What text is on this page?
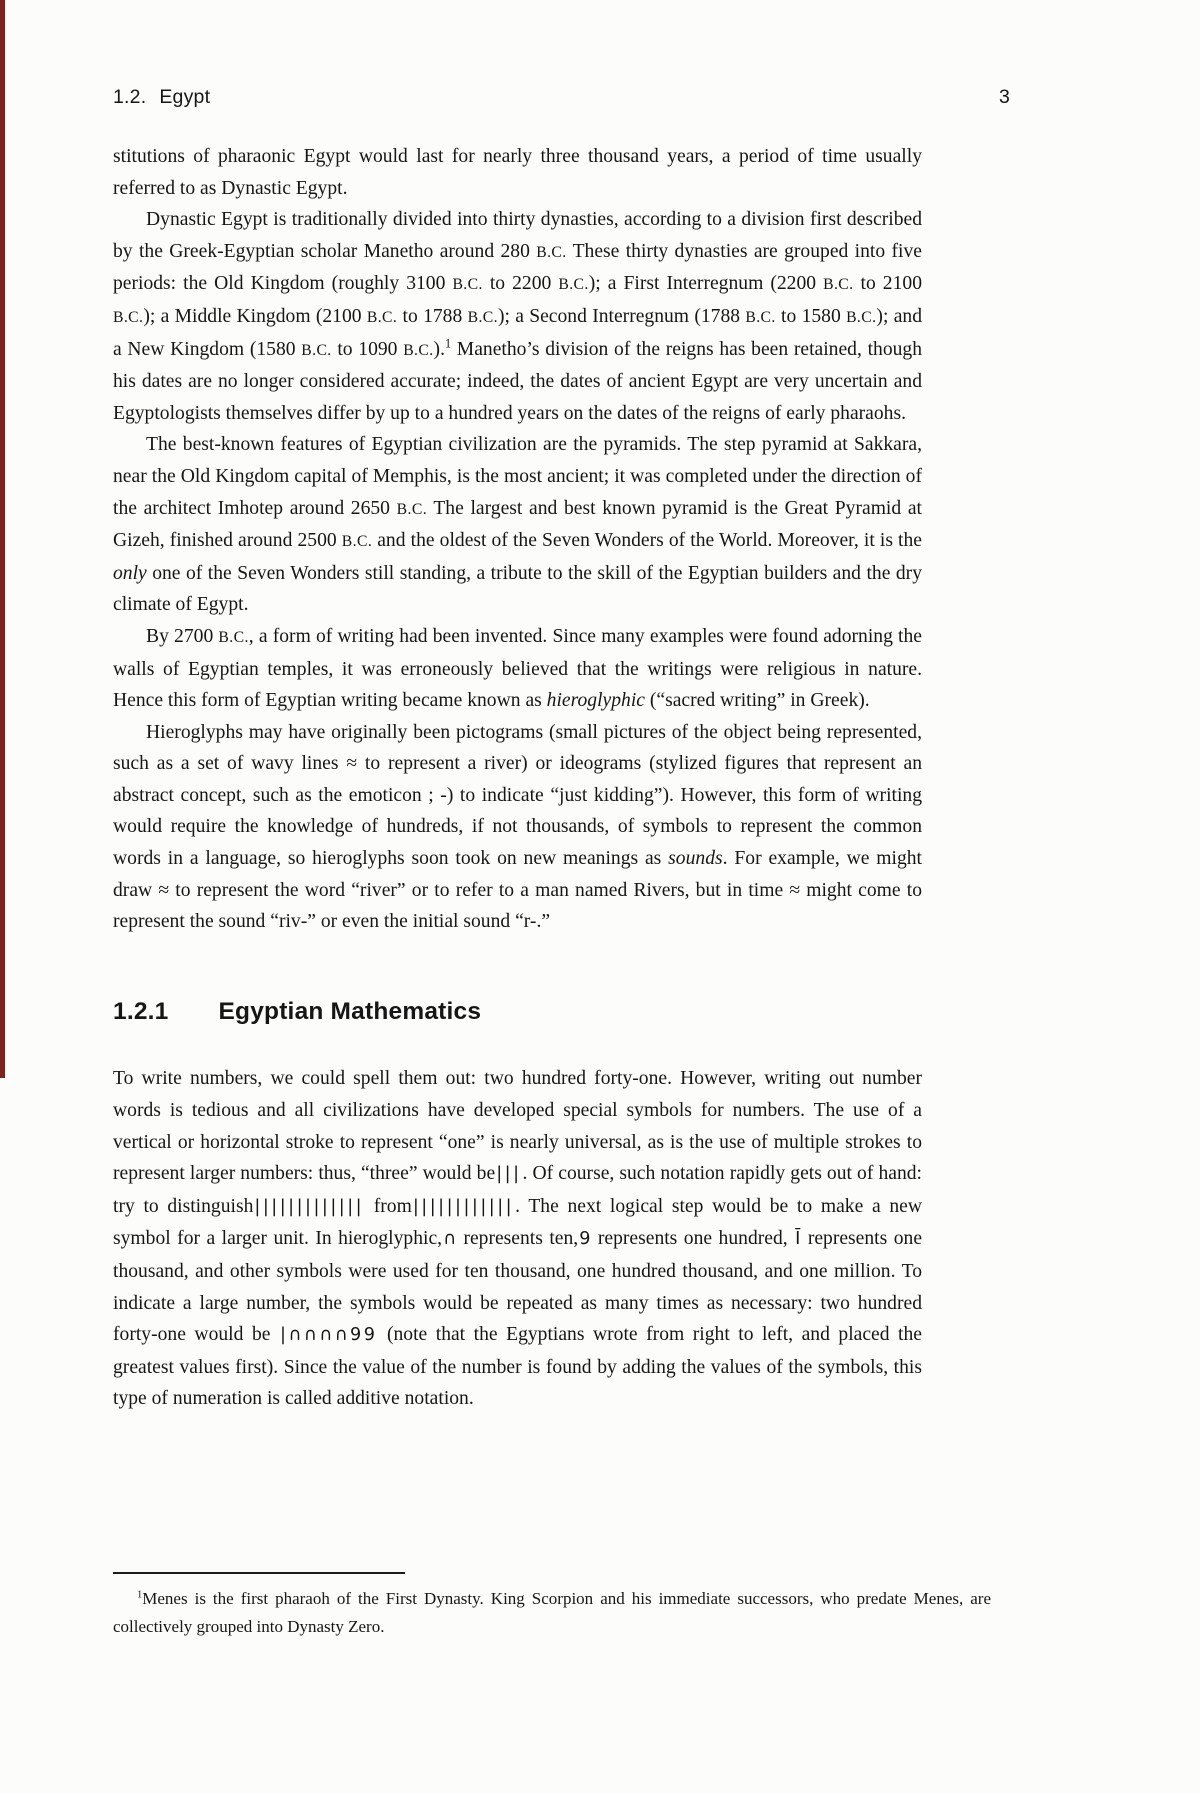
1.2. Egypt	3

stitutions of pharaonic Egypt would last for nearly three thousand years, a period of time usually referred to as Dynastic Egypt.

Dynastic Egypt is traditionally divided into thirty dynasties, according to a division first described by the Greek-Egyptian scholar Manetho around 280 B.C. These thirty dynasties are grouped into five periods: the Old Kingdom (roughly 3100 B.C. to 2200 B.C.); a First Interregnum (2200 B.C. to 2100 B.C.); a Middle Kingdom (2100 B.C. to 1788 B.C.); a Second Interregnum (1788 B.C. to 1580 B.C.); and a New Kingdom (1580 B.C. to 1090 B.C.).$^1$ Manetho’s division of the reigns has been retained, though his dates are no longer considered accurate; indeed, the dates of ancient Egypt are very uncertain and Egyptologists themselves differ by up to a hundred years on the dates of the reigns of early pharaohs.

The best-known features of Egyptian civilization are the pyramids. The step pyramid at Sakkara, near the Old Kingdom capital of Memphis, is the most ancient; it was completed under the direction of the architect Imhotep around 2650 B.C. The largest and best known pyramid is the Great Pyramid at Gizeh, finished around 2500 B.C. and the oldest of the Seven Wonders of the World. Moreover, it is the only one of the Seven Wonders still standing, a tribute to the skill of the Egyptian builders and the dry climate of Egypt.

By 2700 B.C., a form of writing had been invented. Since many examples were found adorning the walls of Egyptian temples, it was erroneously believed that the writings were religious in nature. Hence this form of Egyptian writing became known as hieroglyphic (“sacred writing” in Greek).

Hieroglyphs may have originally been pictograms (small pictures of the object being represented, such as a set of wavy lines ≈ to represent a river) or ideograms (stylized figures that represent an abstract concept, such as the emoticon ; -) to indicate “just kidding”). However, this form of writing would require the knowledge of hundreds, if not thousands, of symbols to represent the common words in a language, so hieroglyphs soon took on new meanings as sounds. For example, we might draw ≈ to represent the word “river” or to refer to a man named Rivers, but in time ≈ might come to represent the sound “riv-” or even the initial sound “r-.”

1.2.1 Egyptian Mathematics

To write numbers, we could spell them out: two hundred forty-one. However, writing out number words is tedious and all civilizations have developed special symbols for numbers. The use of a vertical or horizontal stroke to represent “one” is nearly universal, as is the use of multiple strokes to represent larger numbers: thus, “three” would be|||. Of course, such notation rapidly gets out of hand: try to distinguish||||||||||||| from||||||||||||. The next logical step would be to make a new symbol for a larger unit. In hieroglyphic,∩ represents ten,9 represents one hundred, Ī represents one thousand, and other symbols were used for ten thousand, one hundred thousand, and one million. To indicate a large number, the symbols would be repeated as many times as necessary: two hundred forty-one would be |∩∩∩∩99 (note that the Egyptians wrote from right to left, and placed the greatest values first). Since the value of the number is found by adding the values of the symbols, this type of numeration is called additive notation.

$^1$Menes is the first pharaoh of the First Dynasty. King Scorpion and his immediate successors, who predate Menes, are collectively grouped into Dynasty Zero.
